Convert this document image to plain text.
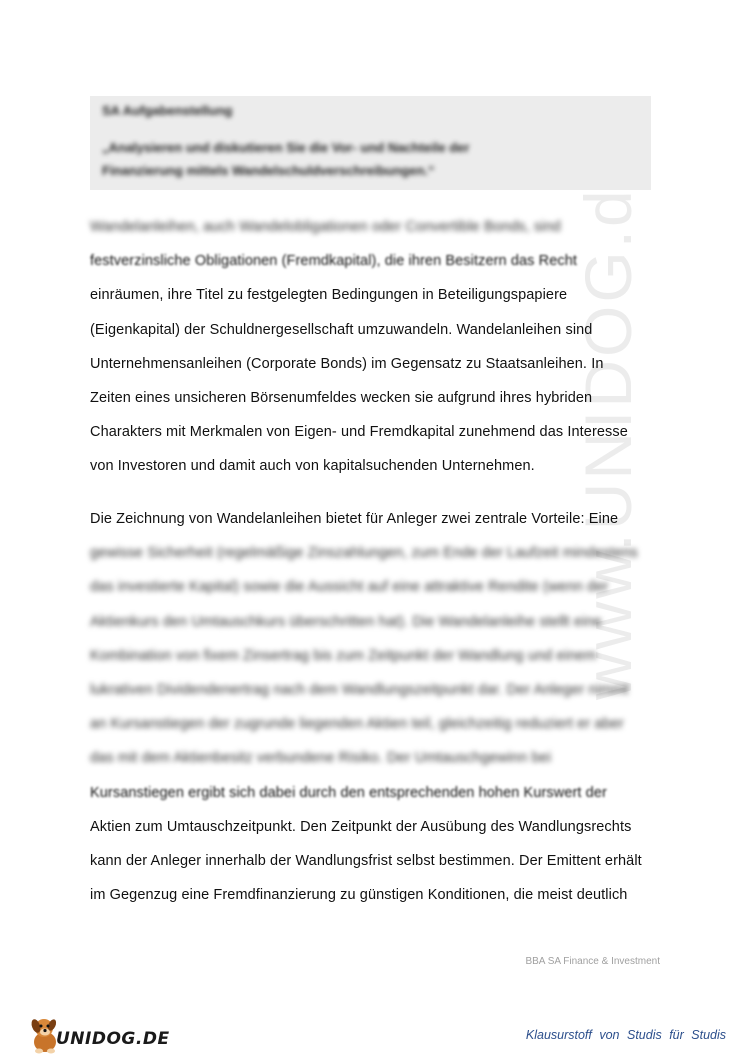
SA Aufgabenstellung
„Analysieren und diskutieren Sie die Vor- und Nachteile der
Finanzierung mittels Wandelschuldverschreibungen.“	www.UNIDOG.de
Wandelanleihen, auch Wandelobligationen oder Convertible Bonds, sind
festverzinsliche Obligationen (Fremdkapital), die ihren Besitzern das Recht
einräumen, ihre Titel zu festgelegten Bedingungen in Beteiligungspapiere
(Eigenkapital) der Schuldnergesellschaft umzuwandeln. Wandelanleihen sind
Unternehmensanleihen (Corporate Bonds) im Gegensatz zu Staatsanleihen. In
Zeiten eines unsicheren Börsenumfeldes wecken sie aufgrund ihres hybriden
Charakters mit Merkmalen von Eigen- und Fremdkapital zunehmend das Interesse
von Investoren und damit auch von kapitalsuchenden Unternehmen.
Die Zeichnung von Wandelanleihen bietet für Anleger zwei zentrale Vorteile: Eine
gewisse Sicherheit (regelmäßige Zinszahlungen, zum Ende der Laufzeit mindestens
das investierte Kapital) sowie die Aussicht auf eine attraktive Rendite (wenn der
Aktienkurs den Umtauschkurs überschritten hat). Die Wandelanleihe stellt eine
Kombination von fixem Zinsertrag bis zum Zeitpunkt der Wandlung und einem
lukrativen Dividendenertrag nach dem Wandlungszeitpunkt dar. Der Anleger nimmt
an Kursanstiegen der zugrunde liegenden Aktien teil, gleichzeitig reduziert er aber
das mit dem Aktienbesitz verbundene Risiko. Der Umtauschgewinn bei
Kursanstiegen ergibt sich dabei durch den entsprechenden hohen Kurswert der
Aktien zum Umtauschzeitpunkt. Den Zeitpunkt der Ausübung des Wandlungsrechts
kann der Anleger innerhalb der Wandlungsfrist selbst bestimmen. Der Emittent erhält
im Gegenzug eine Fremdfinanzierung zu günstigen Konditionen, die meist deutlich
BBA SA Finance & Investment
UNIDOG.DE	Klausurstoff von Studis für Studis
